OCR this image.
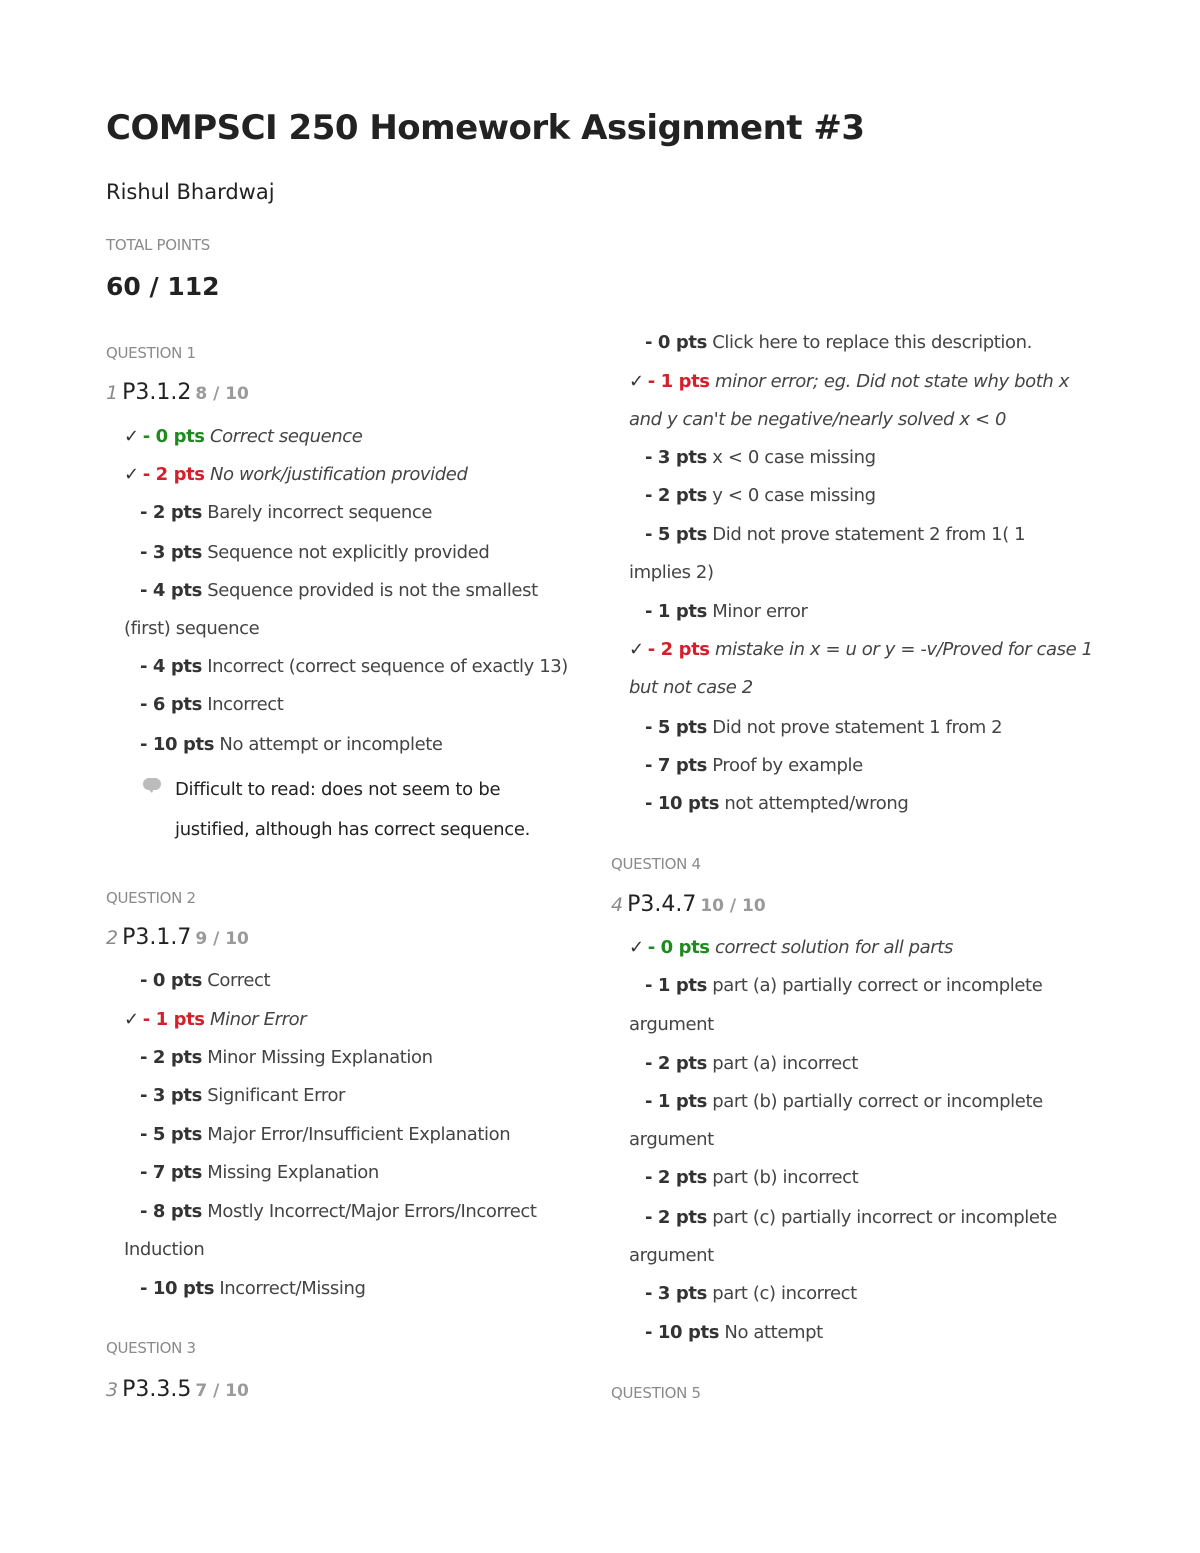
COMPSCI 250 Homework Assignment #3
Rishul Bhardwaj
TOTAL POINTS
60 / 112
QUESTION 1
1 P3.1.2 8 / 10
✓ - 0 pts Correct sequence
✓ - 2 pts No work/justification provided
- 2 pts Barely incorrect sequence
- 3 pts Sequence not explicitly provided
- 4 pts Sequence provided is not the smallest
(first) sequence
- 4 pts Incorrect (correct sequence of exactly 13)
- 6 pts Incorrect
- 10 pts No attempt or incomplete
Difficult to read: does not seem to be
justified, although has correct sequence.
QUESTION 2
2 P3.1.7 9 / 10
- 0 pts Correct
✓ - 1 pts Minor Error
- 2 pts Minor Missing Explanation
- 3 pts Significant Error
- 5 pts Major Error/Insufficient Explanation
- 7 pts Missing Explanation
- 8 pts Mostly Incorrect/Major Errors/Incorrect
Induction
- 10 pts Incorrect/Missing
QUESTION 3
3 P3.3.5 7 / 10
- 0 pts Click here to replace this description.
✓ - 1 pts minor error; eg. Did not state why both x
and y can't be negative/nearly solved x < 0
- 3 pts x < 0 case missing
- 2 pts y < 0 case missing
- 5 pts Did not prove statement 2 from 1( 1
implies 2)
- 1 pts Minor error
✓ - 2 pts mistake in x = u or y = -v/Proved for case 1
but not case 2
- 5 pts Did not prove statement 1 from 2
- 7 pts Proof by example
- 10 pts not attempted/wrong
QUESTION 4
4 P3.4.7 10 / 10
✓ - 0 pts correct solution for all parts
- 1 pts part (a) partially correct or incomplete
argument
- 2 pts part (a) incorrect
- 1 pts part (b) partially correct or incomplete
argument
- 2 pts part (b) incorrect
- 2 pts part (c) partially incorrect or incomplete
argument
- 3 pts part (c) incorrect
- 10 pts No attempt
QUESTION 5
